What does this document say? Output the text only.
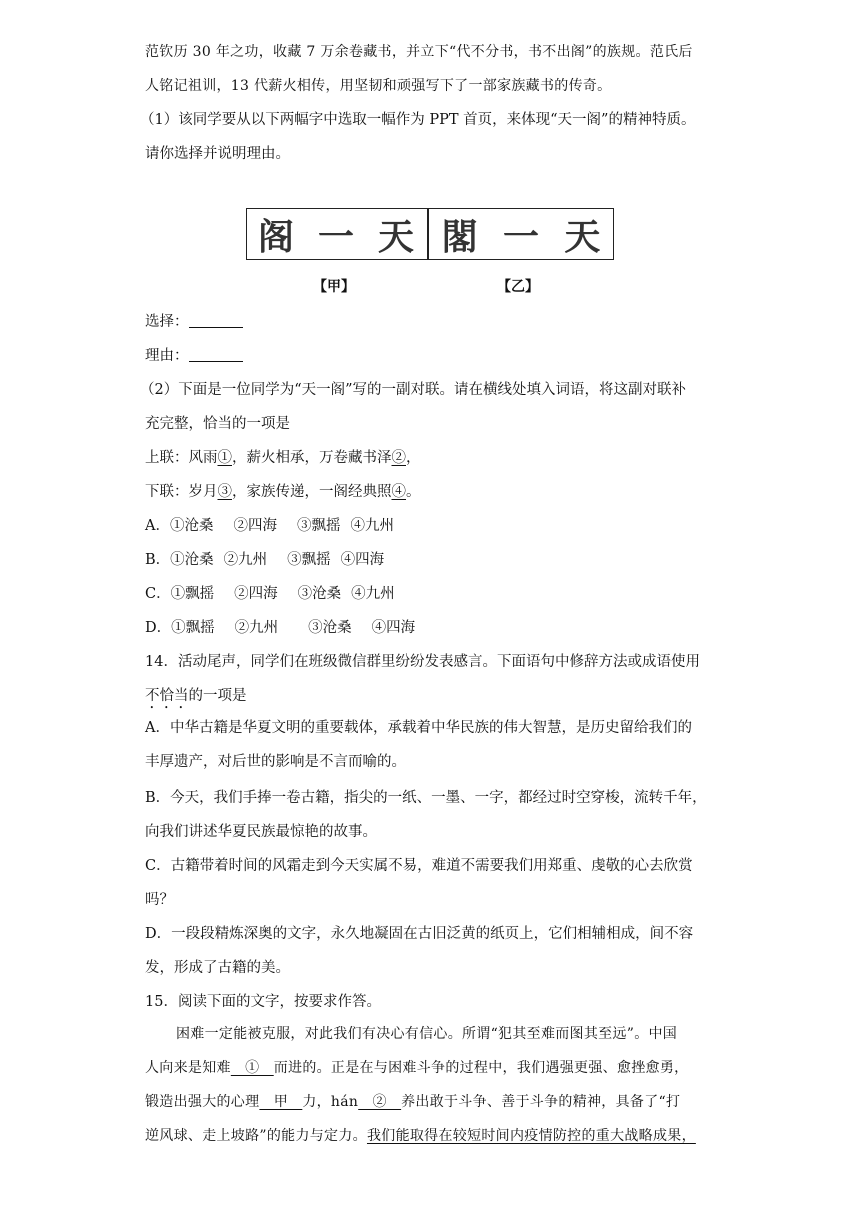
范钦历 30 年之功，收藏 7 万余卷藏书，并立下“代不分书，书不出阁”的族规。范氏后
人铭记祖训，13 代薪火相传，用坚韧和顽强写下了一部家族藏书的传奇。
（1）该同学要从以下两幅字中选取一幅作为 PPT 首页，来体现“天一阁”的精神特质。
请你选择并说明理由。
阁 一 天 閣 一 天
【甲】	【乙】
选择：
理由：
（2）下面是一位同学为“天一阁”写的一副对联。请在横线处填入词语，将这副对联补
充完整，恰当的一项是
上联：风雨①，薪火相承，万卷藏书泽②，
下联：岁月③，家族传递，一阁经典照④。
A．①沧桑 ②四海 ③飘摇 ④九州
B．①沧桑 ②九州 ③飘摇 ④四海
C．①飘摇 ②四海 ③沧桑 ④九州
D．①飘摇 ②九州 ③沧桑 ④四海
14．活动尾声，同学们在班级微信群里纷纷发表感言。下面语句中修辞方法或成语使用
不恰当的一项是
A．中华古籍是华夏文明的重要载体，承载着中华民族的伟大智慧，是历史留给我们的
丰厚遗产，对后世的影响是不言而喻的。
B．今天，我们手捧一卷古籍，指尖的一纸、一墨、一字，都经过时空穿梭，流转千年，
向我们讲述华夏民族最惊艳的故事。
C．古籍带着时间的风霜走到今天实属不易，难道不需要我们用郑重、虔敬的心去欣赏
吗？
D．一段段精炼深奥的文字，永久地凝固在古旧泛黄的纸页上，它们相辅相成，间不容
发，形成了古籍的美。
15．阅读下面的文字，按要求作答。
困难一定能被克服，对此我们有决心有信心。所谓“犯其至难而图其至远”。中国
人向来是知难　①　而进的。正是在与困难斗争的过程中，我们遇强更强、愈挫愈勇，
锻造出强大的心理　甲　力，hán　②　养出敢于斗争、善于斗争的精神，具备了“打
逆风球、走上坡路”的能力与定力。我们能取得在较短时间内疫情防控的重大战略成果，
